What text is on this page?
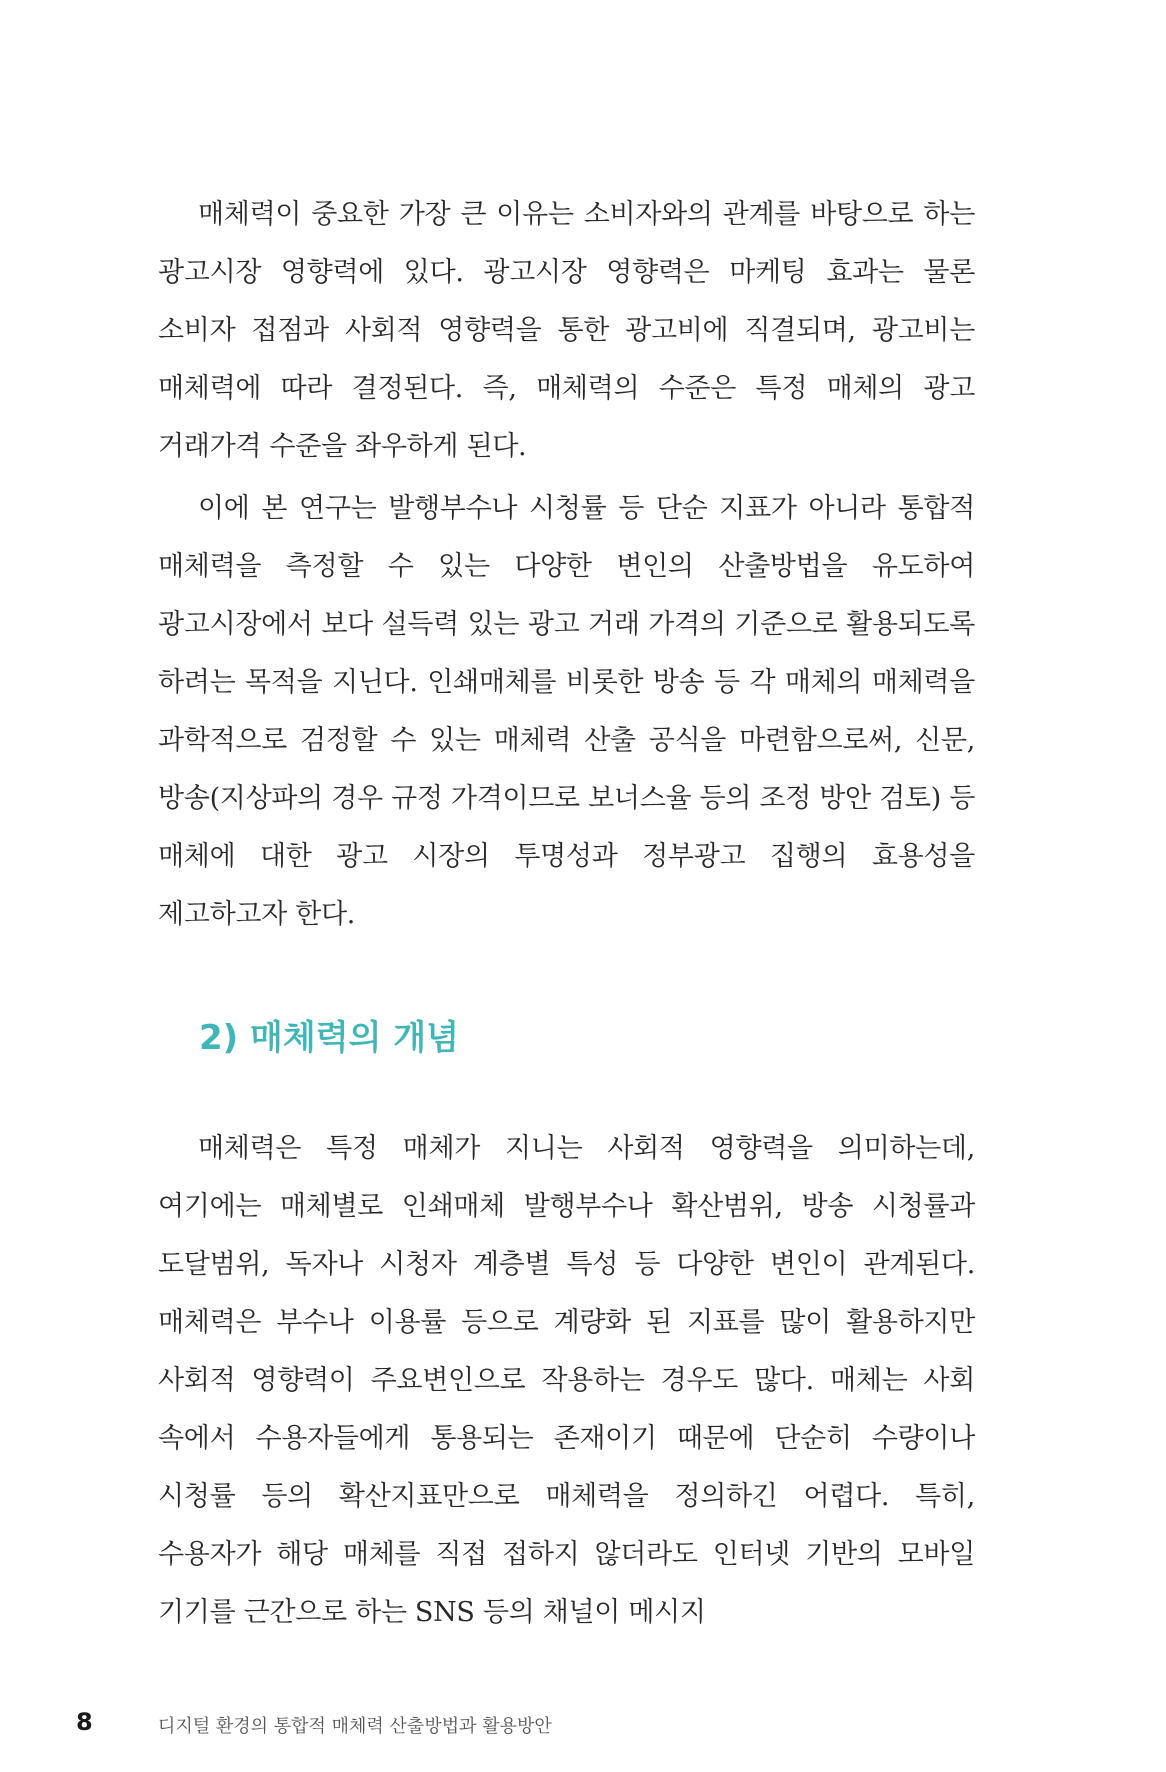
매체력이 중요한 가장 큰 이유는 소비자와의 관계를 바탕으로 하는 광고시장 영향력에 있다. 광고시장 영향력은 마케팅 효과는 물론 소비자 접점과 사회적 영향력을 통한 광고비에 직결되며, 광고비는 매체력에 따라 결정된다. 즉, 매체력의 수준은 특정 매체의 광고 거래가격 수준을 좌우하게 된다.

이에 본 연구는 발행부수나 시청률 등 단순 지표가 아니라 통합적 매체력을 측정할 수 있는 다양한 변인의 산출방법을 유도하여 광고시장에서 보다 설득력 있는 광고 거래 가격의 기준으로 활용되도록 하려는 목적을 지닌다. 인쇄매체를 비롯한 방송 등 각 매체의 매체력을 과학적으로 검정할 수 있는 매체력 산출 공식을 마련함으로써, 신문, 방송(지상파의 경우 규정 가격이므로 보너스율 등의 조정 방안 검토) 등 매체에 대한 광고 시장의 투명성과 정부광고 집행의 효용성을 제고하고자 한다.

2) 매체력의 개념

매체력은 특정 매체가 지니는 사회적 영향력을 의미하는데, 여기에는 매체별로 인쇄매체 발행부수나 확산범위, 방송 시청률과 도달범위, 독자나 시청자 계층별 특성 등 다양한 변인이 관계된다. 매체력은 부수나 이용률 등으로 계량화 된 지표를 많이 활용하지만 사회적 영향력이 주요변인으로 작용하는 경우도 많다. 매체는 사회 속에서 수용자들에게 통용되는 존재이기 때문에 단순히 수량이나 시청률 등의 확산지표만으로 매체력을 정의하긴 어렵다. 특히, 수용자가 해당 매체를 직접 접하지 않더라도 인터넷 기반의 모바일 기기를 근간으로 하는 SNS 등의 채널이 메시지

8	디지털 환경의 통합적 매체력 산출방법과 활용방안
